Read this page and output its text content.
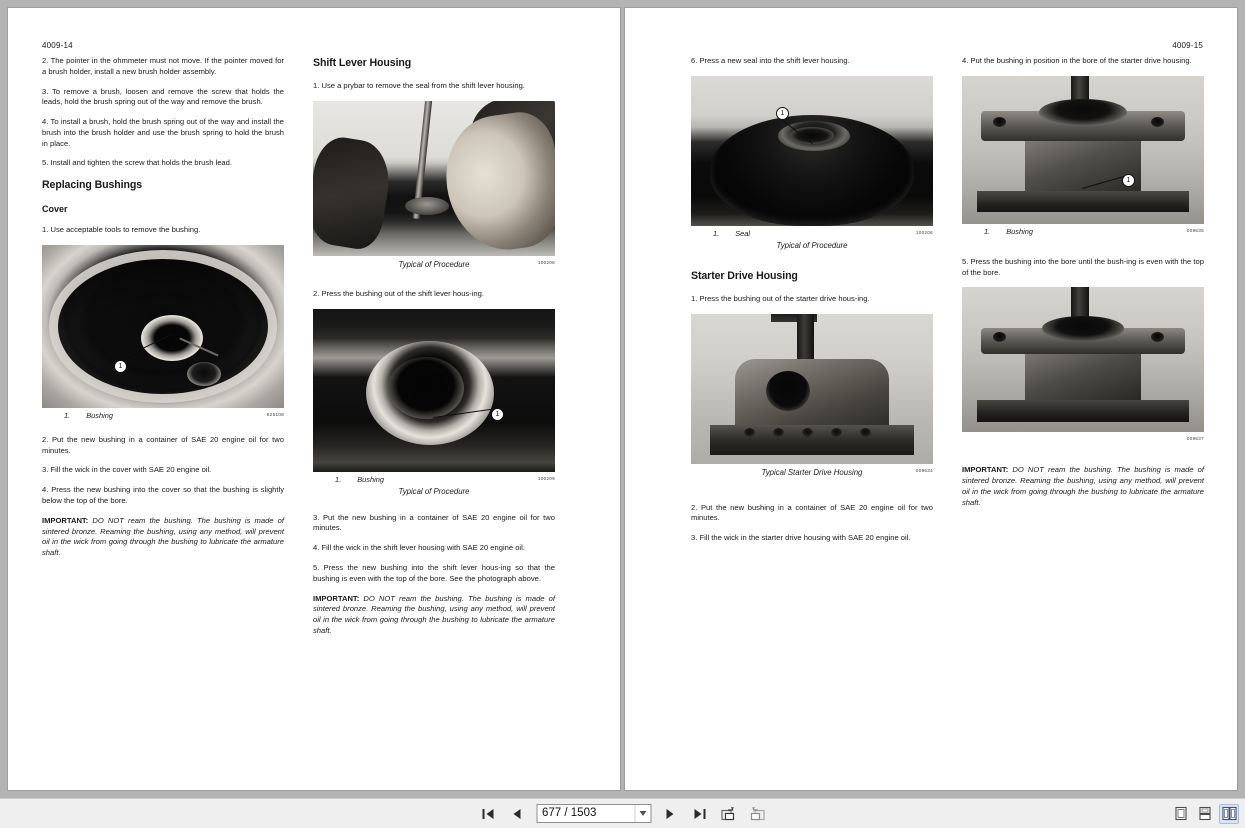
4009-14

2. The pointer in the ohmmeter must not move. If the pointer moved for a brush holder, install a new brush holder assembly.

3. To remove a brush, loosen and remove the screw that holds the leads, hold the brush spring out of the way and remove the brush.

4. To install a brush, hold the brush spring out of the way and install the brush into the brush holder and use the brush spring to hold the brush in place.

5. Install and tighten the screw that holds the brush lead.

Replacing Bushings
Cover

1. Use acceptable tools to remove the bushing.

1
1. Bushing	825108

2. Put the new bushing in a container of SAE 20 engine oil for two minutes.

3. Fill the wick in the cover with SAE 20 engine oil.

4. Press the new bushing into the cover so that the bushing is slightly below the top of the bore.

IMPORTANT: DO NOT ream the bushing. The bushing is made of sintered bronze. Reaming the bushing, using any method, will prevent oil in the wick from going through the bushing to lubricate the armature shaft.

Shift Lever Housing

1. Use a prybar to remove the seal from the shift lever housing.

Typical of Procedure	100208

2. Press the bushing out of the shift lever hous-ing.

1
1. Bushing	100209
Typical of Procedure

3. Put the new bushing in a container of SAE 20 engine oil for two minutes.

4. Fill the wick in the shift lever housing with SAE 20 engine oil.

5. Press the new bushing into the shift lever hous-ing so that the bushing is even with the top of the bore. See the photograph above.

IMPORTANT: DO NOT ream the bushing. The bushing is made of sintered bronze. Reaming the bushing, using any method, will prevent oil in the wick from going through the bushing to lubricate the armature shaft.

4009-15

6. Press a new seal into the shift lever housing.

1
1. Seal	100206
Typical of Procedure
Starter Drive Housing

1. Press the bushing out of the starter drive hous-ing.

Typical Starter Drive Housing	009634

2. Put the new bushing in a container of SAE 20 engine oil for two minutes.

3. Fill the wick in the starter drive housing with SAE 20 engine oil.

4. Put the bushing in position in the bore of the starter drive housing.

1
1. Bushing	009636

5. Press the bushing into the bore until the bush-ing is even with the top of the bore.

009637

IMPORTANT: DO NOT ream the bushing. The bushing is made of sintered bronze. Reaming the bushing, using any method, will prevent oil in the wick from going through the bushing to lubricate the armature shaft.

677 / 1503
